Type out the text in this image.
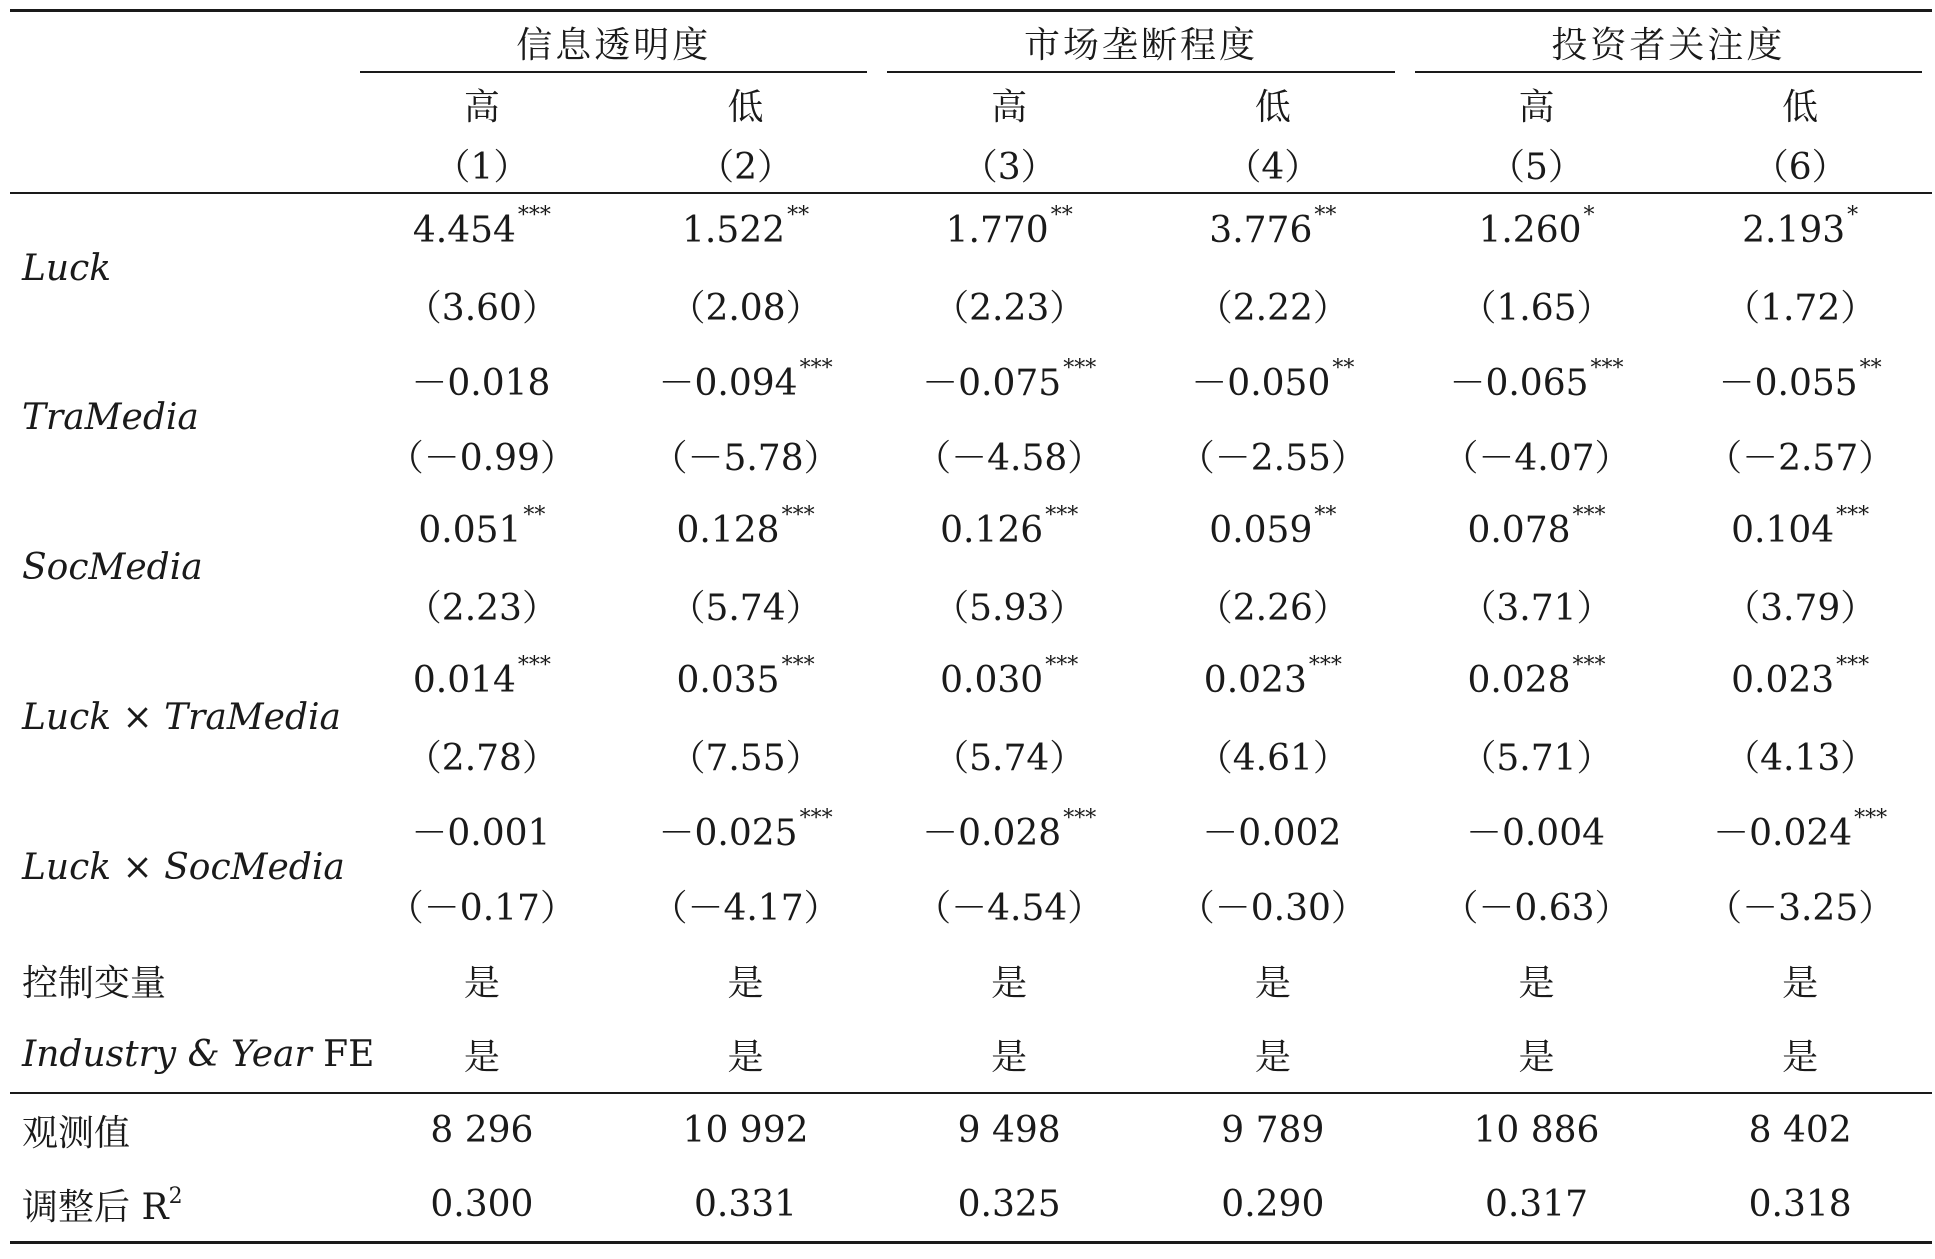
	信息透明度		市场垄断程度		投资者关注度	

	高	低	高	低	高	低
	（1）	（2）	（3）	（4）	（5）	（6）
Luck	4.454***	1.522**	1.770**	3.776**	1.260*	2.193*
	（3.60）	（2.08）	（2.23）	（2.22）	（1.65）	（1.72）
TraMedia	－0.018	－0.094***	－0.075***	－0.050**	－0.065***	－0.055**
	（－0.99）	（－5.78）	（－4.58）	（－2.55）	（－4.07）	（－2.57）
SocMedia	0.051**	0.128***	0.126***	0.059**	0.078***	0.104***
	（2.23）	（5.74）	（5.93）	（2.26）	（3.71）	（3.79）
Luck × TraMedia	0.014***	0.035***	0.030***	0.023***	0.028***	0.023***
	（2.78）	（7.55）	（5.74）	（4.61）	（5.71）	（4.13）
Luck × SocMedia	－0.001	－0.025***	－0.028***	－0.002	－0.004	－0.024***
	（－0.17）	（－4.17）	（－4.54）	（－0.30）	（－0.63）	（－3.25）
控制变量	是	是	是	是	是	是
Industry & Year FE	是	是	是	是	是	是
观测值	8 296	10 992	9 498	9 789	10 886	8 402
调整后 $R^2$	0.300	0.331	0.325	0.290	0.317	0.318
